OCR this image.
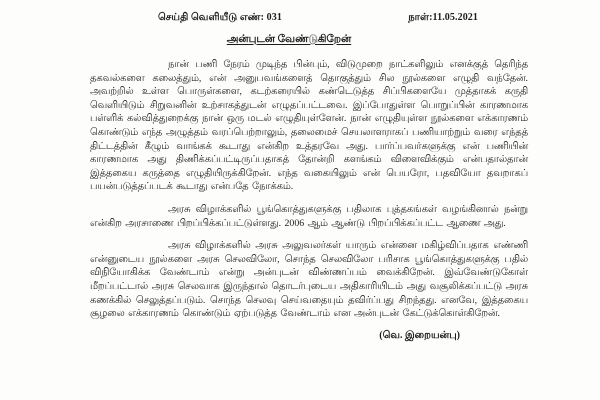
செய்தி வெளியீடு எண்: 031	நாள்:11.05.2021
அன்புடன் வேண்டுகிறேன்

நான் பணி நேரம் முடிந்த பின்பும், விடுமுறை நாட்களிலும் எனக்குத் தெரிந்த தகவல்களை கலைத்தும், என் அனுபவங்களைத் தொகுத்தும் சில நூல்களை எழுதி வந்தேன். அவற்றில் உள்ள பொருள்களை, கடற்கரையில் கண்டெடுத்த சிப்பிகளையே முத்தாகக் கருதி வெளியிடும் சிறுவனின் உற்சாகத்துடன் எழுதப்பட்டவை. இப்போதுள்ள பொறுப்பின் காரணமாக பள்ளிக் கல்வித்துறைக்கு நான் ஒரு மடல் எழுதியுள்ளேன். நான் எழுதியுள்ள நூல்களை எக்காரணம் கொண்டும் எந்த அழுத்தம் வரப்பெற்றாலும், தலைமைச் செயலாளராகப் பணியாற்றும் வரை எந்தத் திட்டத்தின் கீழும் வாங்கக் கூடாது என்கிற உத்தரவே அது. பார்ப்பவர்களுக்கு என் பணியின் காரணமாக அது திணிக்கப்பட்டிருப்பதாகத் தோன்றி களங்கம் விளைவிக்கும் என்பதால்தான் இத்தகைய கருத்தை எழுதியிருக்கிறேன். எந்த வகையிலும் என் பெயரோ, பதவியோ தவறாகப் பயன்படுத்தப்படக் கூடாது என்பதே நோக்கம்.

அரசு விழாக்களில் பூங்கொத்துகளுக்கு பதிலாக புத்தகங்கள் வழங்கினால் நன்று என்கிற அரசாணை பிறப்பிக்கப்பட்டுள்ளது. 2006 ஆம் ஆண்டு பிறப்பிக்கப்பட்ட ஆணை அது.

அரசு விழாக்களில் அரசு அலுவலர்கள் யாரும் என்னை மகிழ்விப்பதாக எண்ணி என்னுடைய நூல்களை அரசு செலவிலோ, சொந்த செலவிலோ பரிசாக பூங்கொத்துகளுக்கு பதில் விநியோகிக்க வேண்டாம் என்று அன்புடன் விண்ணப்பம் வைக்கிறேன். இவ்வேண்டுகோள் மீறப்பட்டால் அரசு செலவாக இருந்தால் தொடர்புடைய அதிகாரியிடம் அது வசூலிக்கப்பட்டு அரசு கணக்கில் செலுத்தப்படும். சொந்த செலவு செய்வதையும் தவிர்ப்பது சிறந்தது. எனவே, இத்தகைய சூழலை எக்காரணம் கொண்டும் ஏற்படுத்த வேண்டாம் என அன்புடன் கேட்டுக்கொள்கிறேன்.

(வெ. இறையன்பு)
